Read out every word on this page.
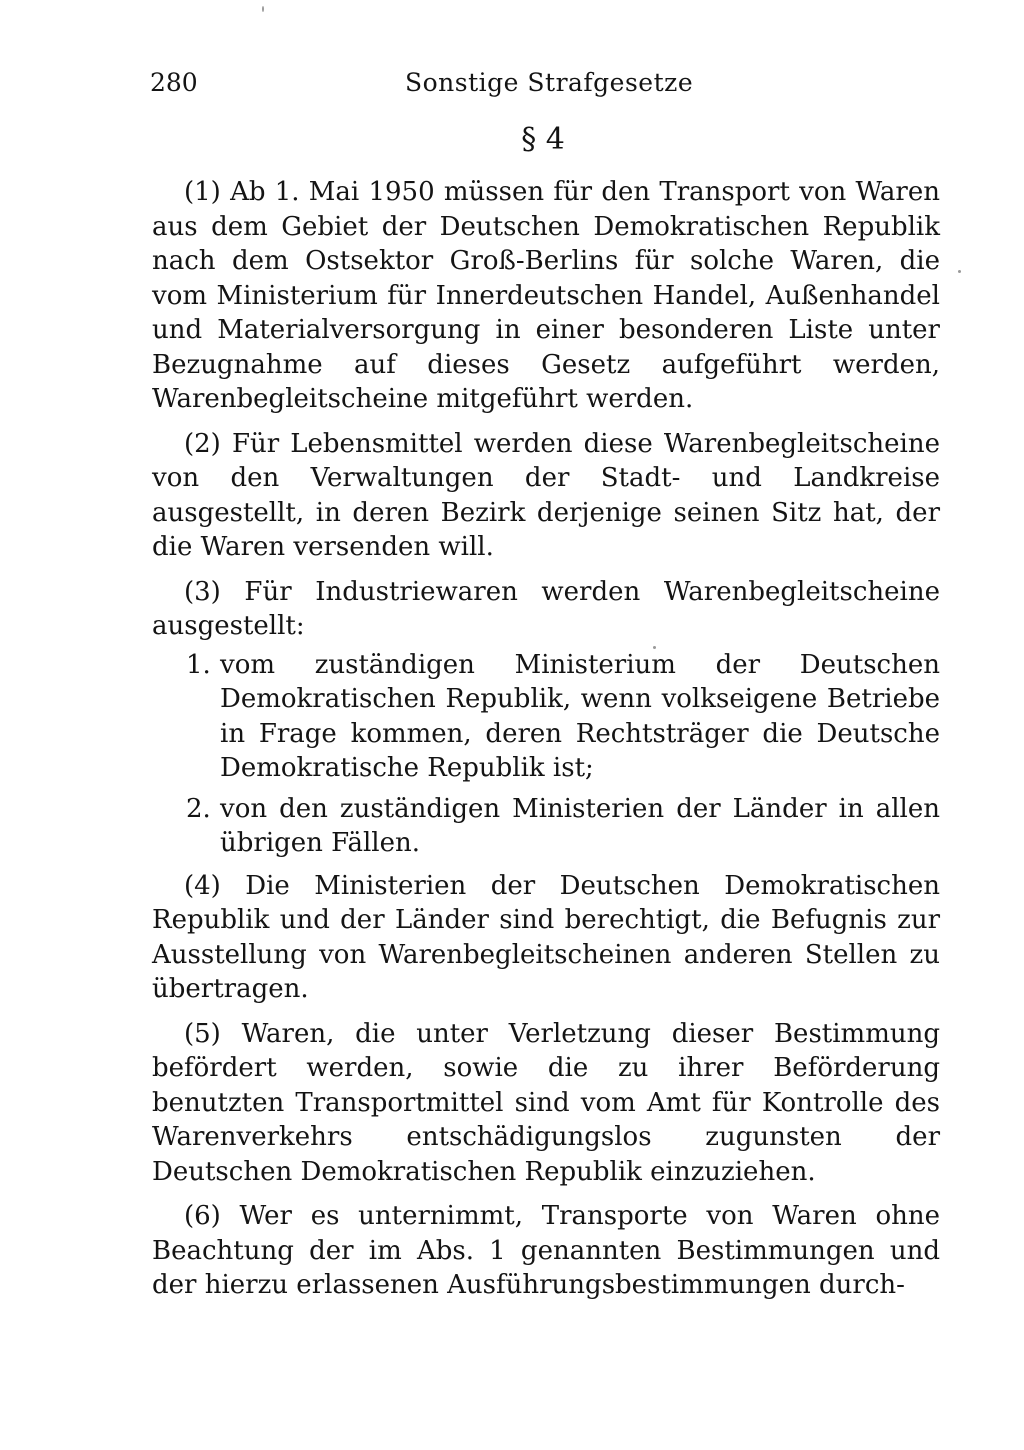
280	Sonstige Strafgesetze
§ 4

(1) Ab 1. Mai 1950 müssen für den Transport von Waren aus dem Gebiet der Deutschen Demokratischen Republik nach dem Ostsektor Groß-Berlins für solche Waren, die vom Ministerium für Innerdeutschen Handel, Außenhandel und Materialversorgung in einer besonderen Liste unter Bezugnahme auf dieses Gesetz aufgeführt werden, Warenbegleitscheine mitgeführt werden.

(2) Für Lebensmittel werden diese Warenbegleitscheine von den Verwaltungen der Stadt- und Landkreise ausgestellt, in deren Bezirk derjenige seinen Sitz hat, der die Waren versenden will.

(3) Für Industriewaren werden Warenbegleitscheine ausgestellt:

1. vom zuständigen Ministerium der Deutschen Demokratischen Republik, wenn volkseigene Betriebe in Frage kommen, deren Rechtsträger die Deutsche Demokratische Republik ist;
2. von den zuständigen Ministerien der Länder in allen übrigen Fällen.

(4) Die Ministerien der Deutschen Demokratischen Republik und der Länder sind berechtigt, die Befugnis zur Ausstellung von Warenbegleitscheinen anderen Stellen zu übertragen.

(5) Waren, die unter Verletzung dieser Bestimmung befördert werden, sowie die zu ihrer Beförderung benutzten Transportmittel sind vom Amt für Kontrolle des Warenverkehrs entschädigungslos zugunsten der Deutschen Demokratischen Republik einzuziehen.

(6) Wer es unternimmt, Transporte von Waren ohne Beachtung der im Abs. 1 genannten Bestimmungen und der hierzu erlassenen Ausführungsbestimmungen durch-
